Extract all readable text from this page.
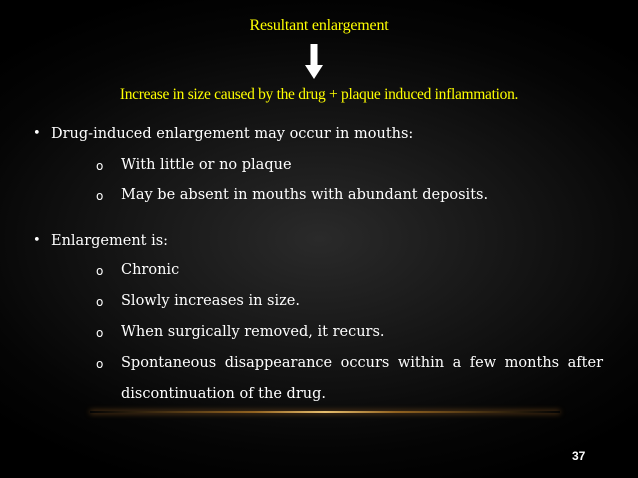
Resultant enlargement
Increase in size caused by the drug + plaque induced inflammation.
• Drug-induced enlargement may occur in mouths:
o	With little or no plaque
o	May be absent in mouths with abundant deposits.
• Enlargement is:
o	Chronic
o	Slowly increases in size.
o	When surgically removed, it recurs.
o	Spontaneous disappearance occurs within a few months after
discontinuation of the drug.
37
